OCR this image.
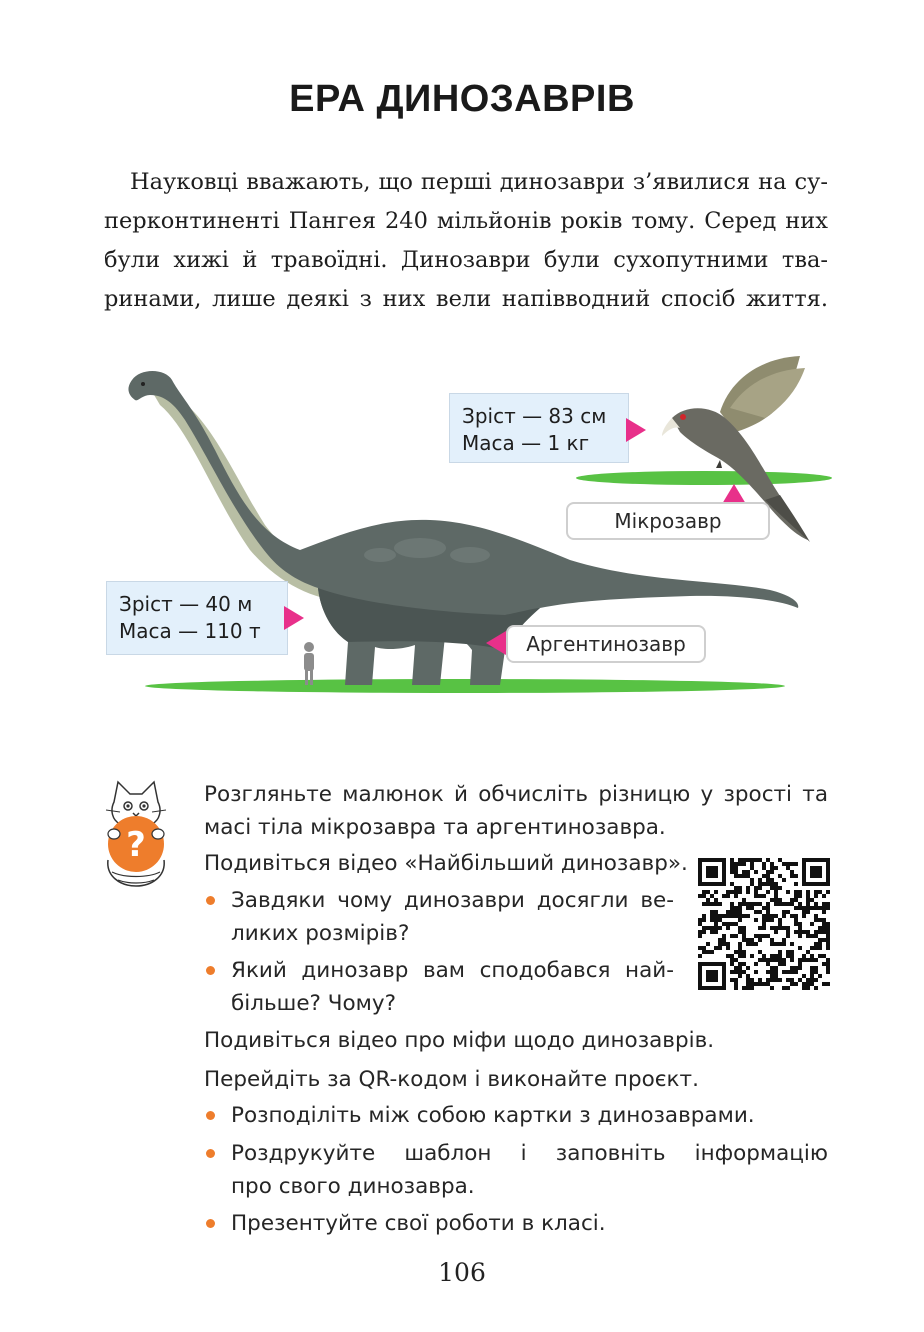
ЕРА ДИНОЗАВРІВ
Науковці вважають, що перші динозаври з’явилися на су-
перконтиненті Пангея 240 мільйонів років тому. Серед них
були хижі й травоїдні. Динозаври були сухопутними тва-
ринами, лише деякі з них вели напівводний спосіб життя.
Зріст — 40 м
Маса — 110 т
Аргентинозавр
Зріст — 83 см
Маса — 1 кг
Мікрозавр
?
Розгляньте малюнок й обчисліть різницю у зрості та
масі тіла мікрозавра та аргентинозавра.
Подивіться відео «Найбільший динозавр».
Завдяки чому динозаври досягли ве-
ликих розмірів?
Який динозавр вам сподобався най-
більше? Чому?
Подивіться відео про міфи щодо динозаврів.
Перейдіть за QR-кодом і виконайте проєкт.
Розподіліть між собою картки з динозаврами.
Роздрукуйте шаблон і заповніть інформацію
про свого динозавра.
Презентуйте свої роботи в класі.
106
